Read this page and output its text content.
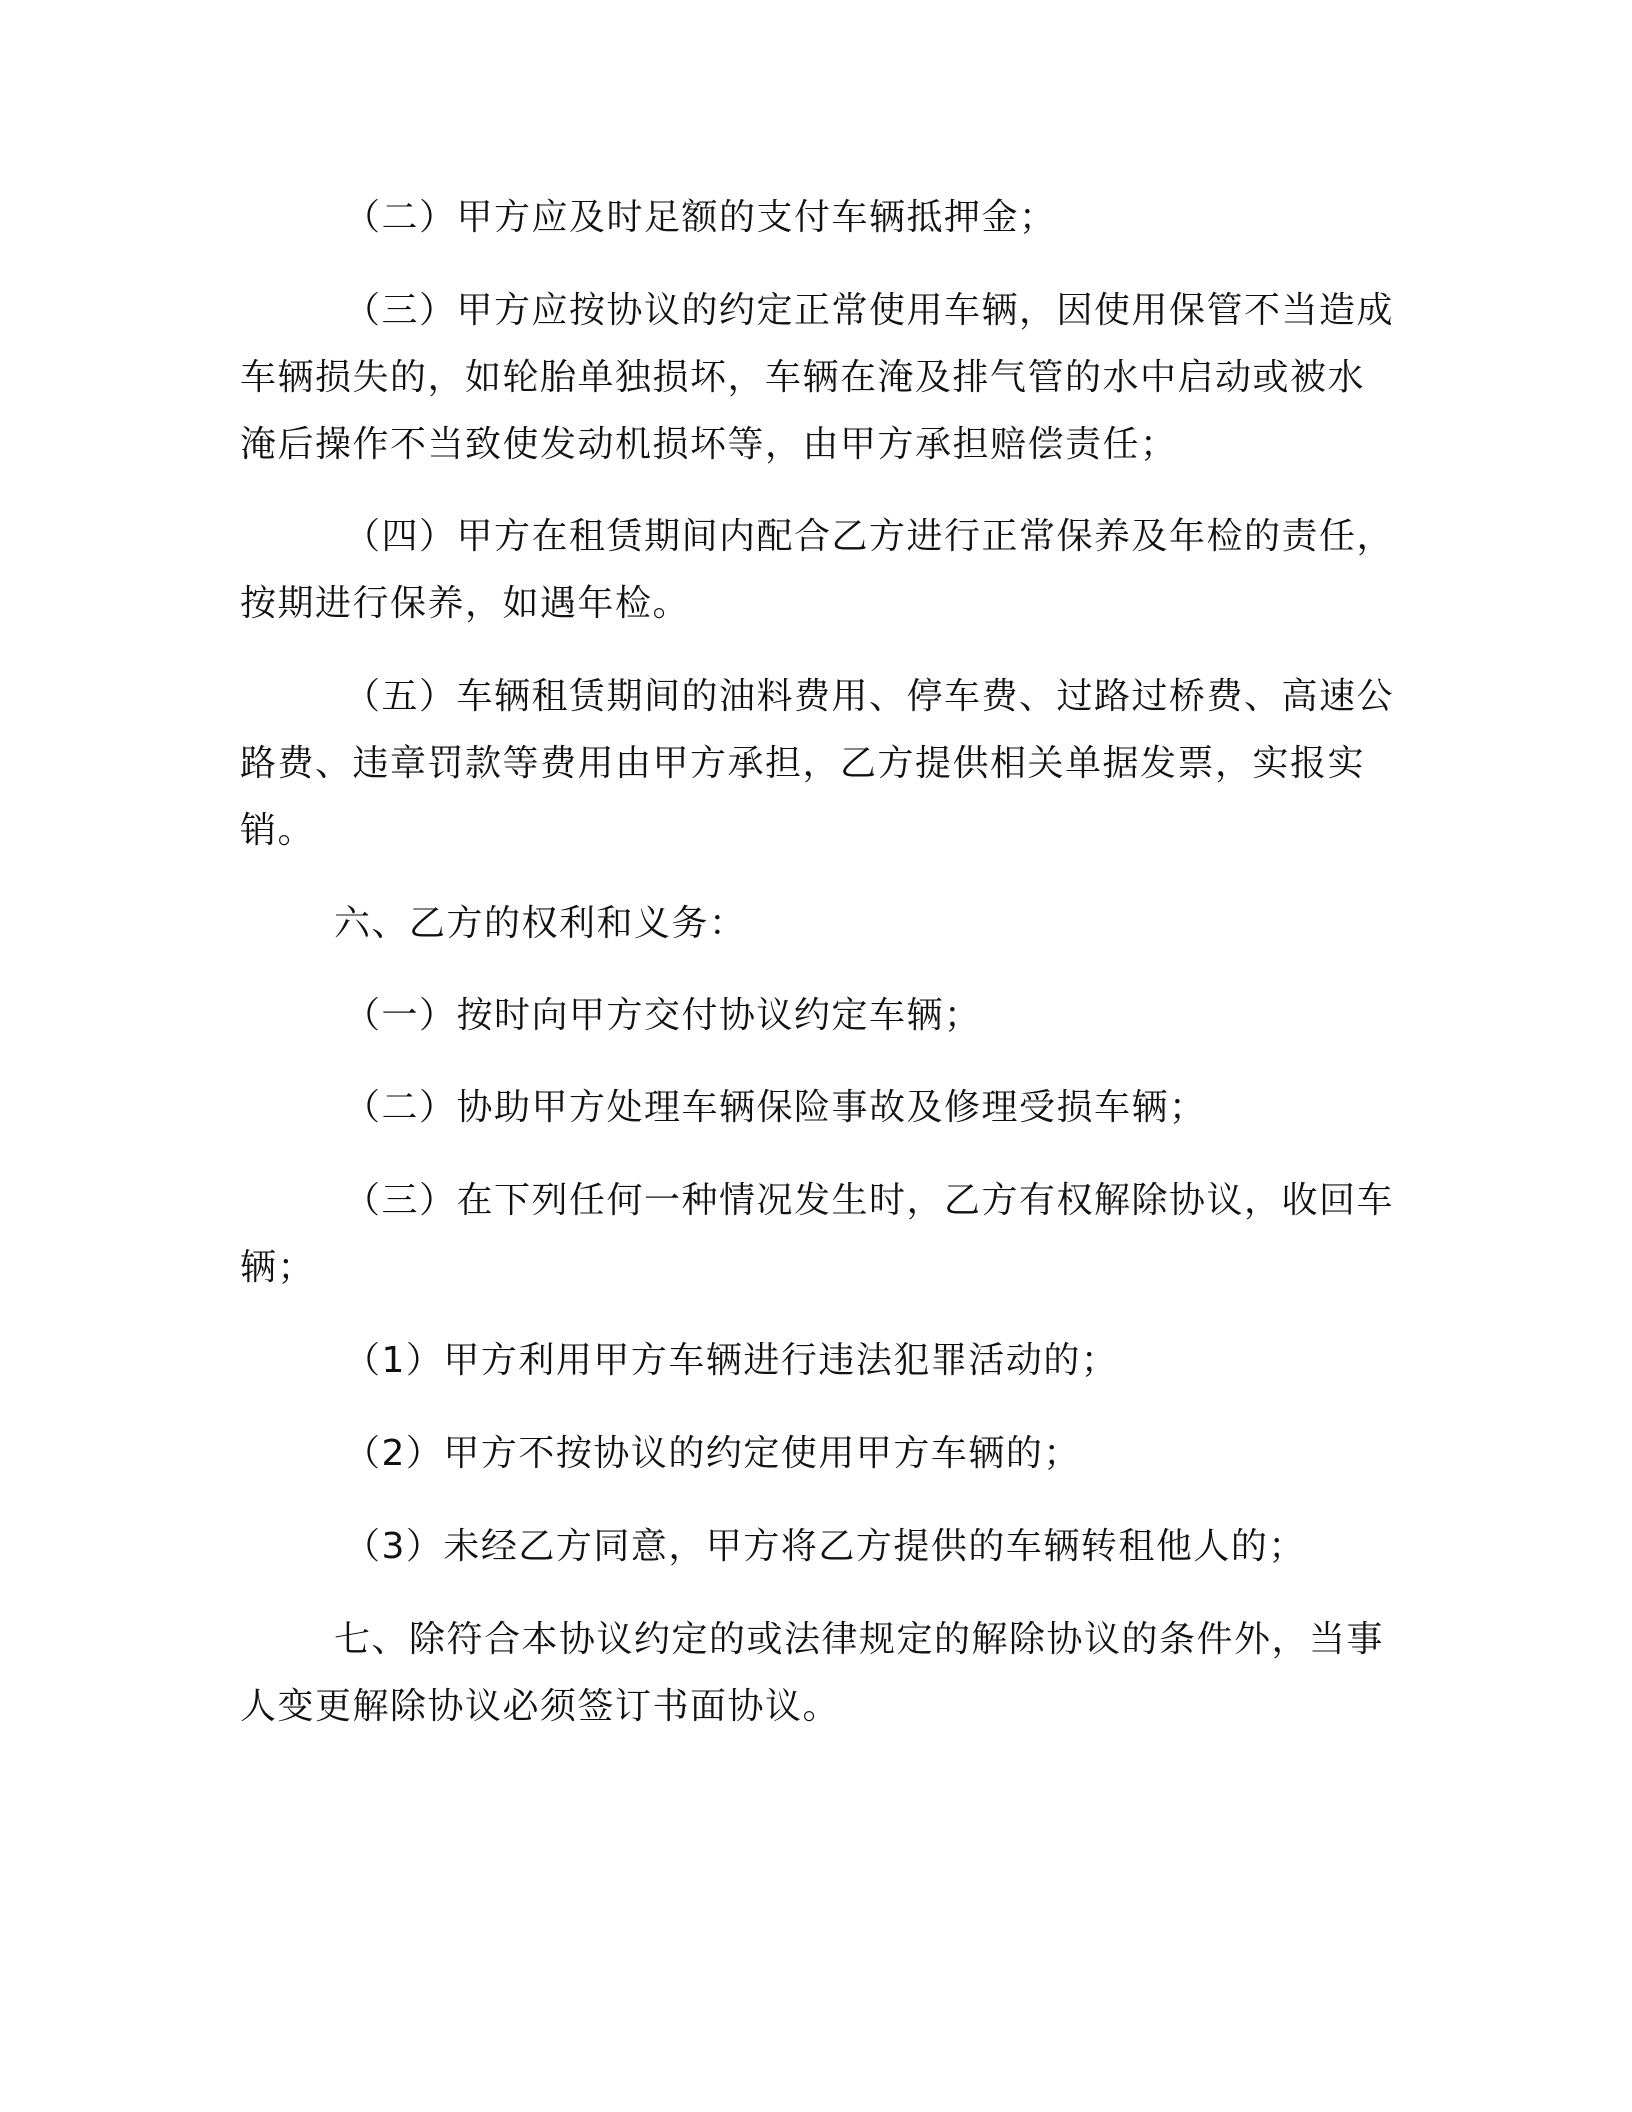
（二）甲方应及时足额的支付车辆抵押金；

（三）甲方应按协议的约定正常使用车辆，因使用保管不当造成
车辆损失的，如轮胎单独损坏，车辆在淹及排气管的水中启动或被水
淹后操作不当致使发动机损坏等，由甲方承担赔偿责任；

（四）甲方在租赁期间内配合乙方进行正常保养及年检的责任，
按期进行保养，如遇年检。

（五）车辆租赁期间的油料费用、停车费、过路过桥费、高速公
路费、违章罚款等费用由甲方承担，乙方提供相关单据发票，实报实
销。

六、乙方的权利和义务：

（一）按时向甲方交付协议约定车辆；

（二）协助甲方处理车辆保险事故及修理受损车辆；

（三）在下列任何一种情况发生时，乙方有权解除协议，收回车
辆；

（1）甲方利用甲方车辆进行违法犯罪活动的；

（2）甲方不按协议的约定使用甲方车辆的；

（3）未经乙方同意，甲方将乙方提供的车辆转租他人的；

七、除符合本协议约定的或法律规定的解除协议的条件外，当事
人变更解除协议必须签订书面协议。
